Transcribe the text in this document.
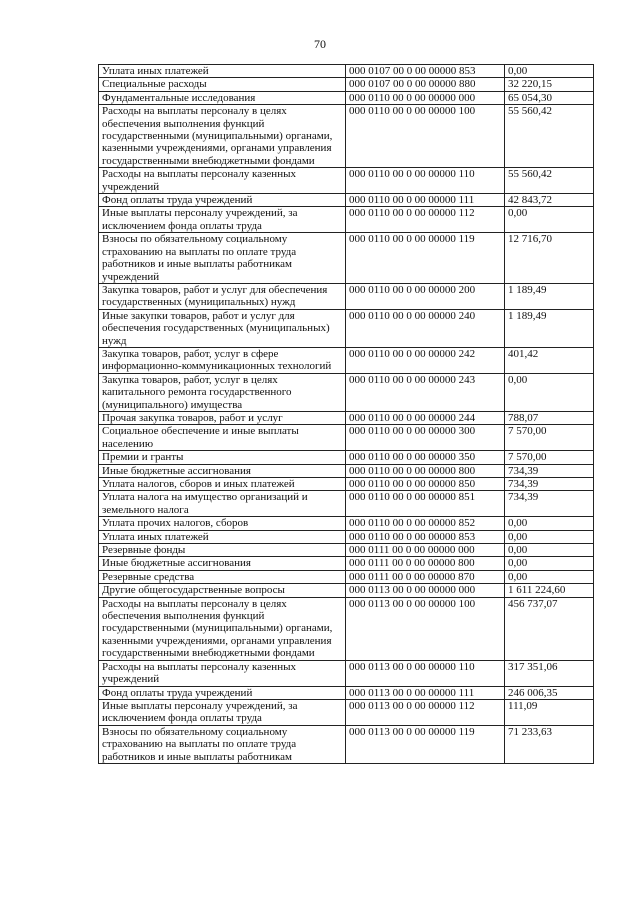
70
Уплата иных платежей	000 0107 00 0 00 00000 853	0,00
Специальные расходы	000 0107 00 0 00 00000 880	32 220,15
Фундаментальные исследования	000 0110 00 0 00 00000 000	65 054,30
Расходы на выплаты персоналу в целях обеспечения выполнения функций государственными (муниципальными) органами, казенными учреждениями, органами управления государственными внебюджетными фондами	000 0110 00 0 00 00000 100	55 560,42
Расходы на выплаты персоналу казенных учреждений	000 0110 00 0 00 00000 110	55 560,42
Фонд оплаты труда учреждений	000 0110 00 0 00 00000 111	42 843,72
Иные выплаты персоналу учреждений, за исключением фонда оплаты труда	000 0110 00 0 00 00000 112	0,00
Взносы по обязательному социальному страхованию на выплаты по оплате труда работников и иные выплаты работникам учреждений	000 0110 00 0 00 00000 119	12 716,70
Закупка товаров, работ и услуг для обеспечения государственных (муниципальных) нужд	000 0110 00 0 00 00000 200	1 189,49
Иные закупки товаров, работ и услуг для обеспечения государственных (муниципальных) нужд	000 0110 00 0 00 00000 240	1 189,49
Закупка товаров, работ, услуг в сфере информационно-коммуникационных технологий	000 0110 00 0 00 00000 242	401,42
Закупка товаров, работ, услуг в целях капитального ремонта государственного (муниципального) имущества	000 0110 00 0 00 00000 243	0,00
Прочая закупка товаров, работ и услуг	000 0110 00 0 00 00000 244	788,07
Социальное обеспечение и иные выплаты населению	000 0110 00 0 00 00000 300	7 570,00
Премии и гранты	000 0110 00 0 00 00000 350	7 570,00
Иные бюджетные ассигнования	000 0110 00 0 00 00000 800	734,39
Уплата налогов, сборов и иных платежей	000 0110 00 0 00 00000 850	734,39
Уплата налога на имущество организаций и земельного налога	000 0110 00 0 00 00000 851	734,39
Уплата прочих налогов, сборов	000 0110 00 0 00 00000 852	0,00
Уплата иных платежей	000 0110 00 0 00 00000 853	0,00
Резервные фонды	000 0111 00 0 00 00000 000	0,00
Иные бюджетные ассигнования	000 0111 00 0 00 00000 800	0,00
Резервные средства	000 0111 00 0 00 00000 870	0,00
Другие общегосударственные вопросы	000 0113 00 0 00 00000 000	1 611 224,60
Расходы на выплаты персоналу в целях обеспечения выполнения функций государственными (муниципальными) органами, казенными учреждениями, органами управления государственными внебюджетными фондами	000 0113 00 0 00 00000 100	456 737,07
Расходы на выплаты персоналу казенных учреждений	000 0113 00 0 00 00000 110	317 351,06
Фонд оплаты труда учреждений	000 0113 00 0 00 00000 111	246 006,35
Иные выплаты персоналу учреждений, за исключением фонда оплаты труда	000 0113 00 0 00 00000 112	111,09
Взносы по обязательному социальному страхованию на выплаты по оплате труда работников и иные выплаты работникам	000 0113 00 0 00 00000 119	71 233,63
